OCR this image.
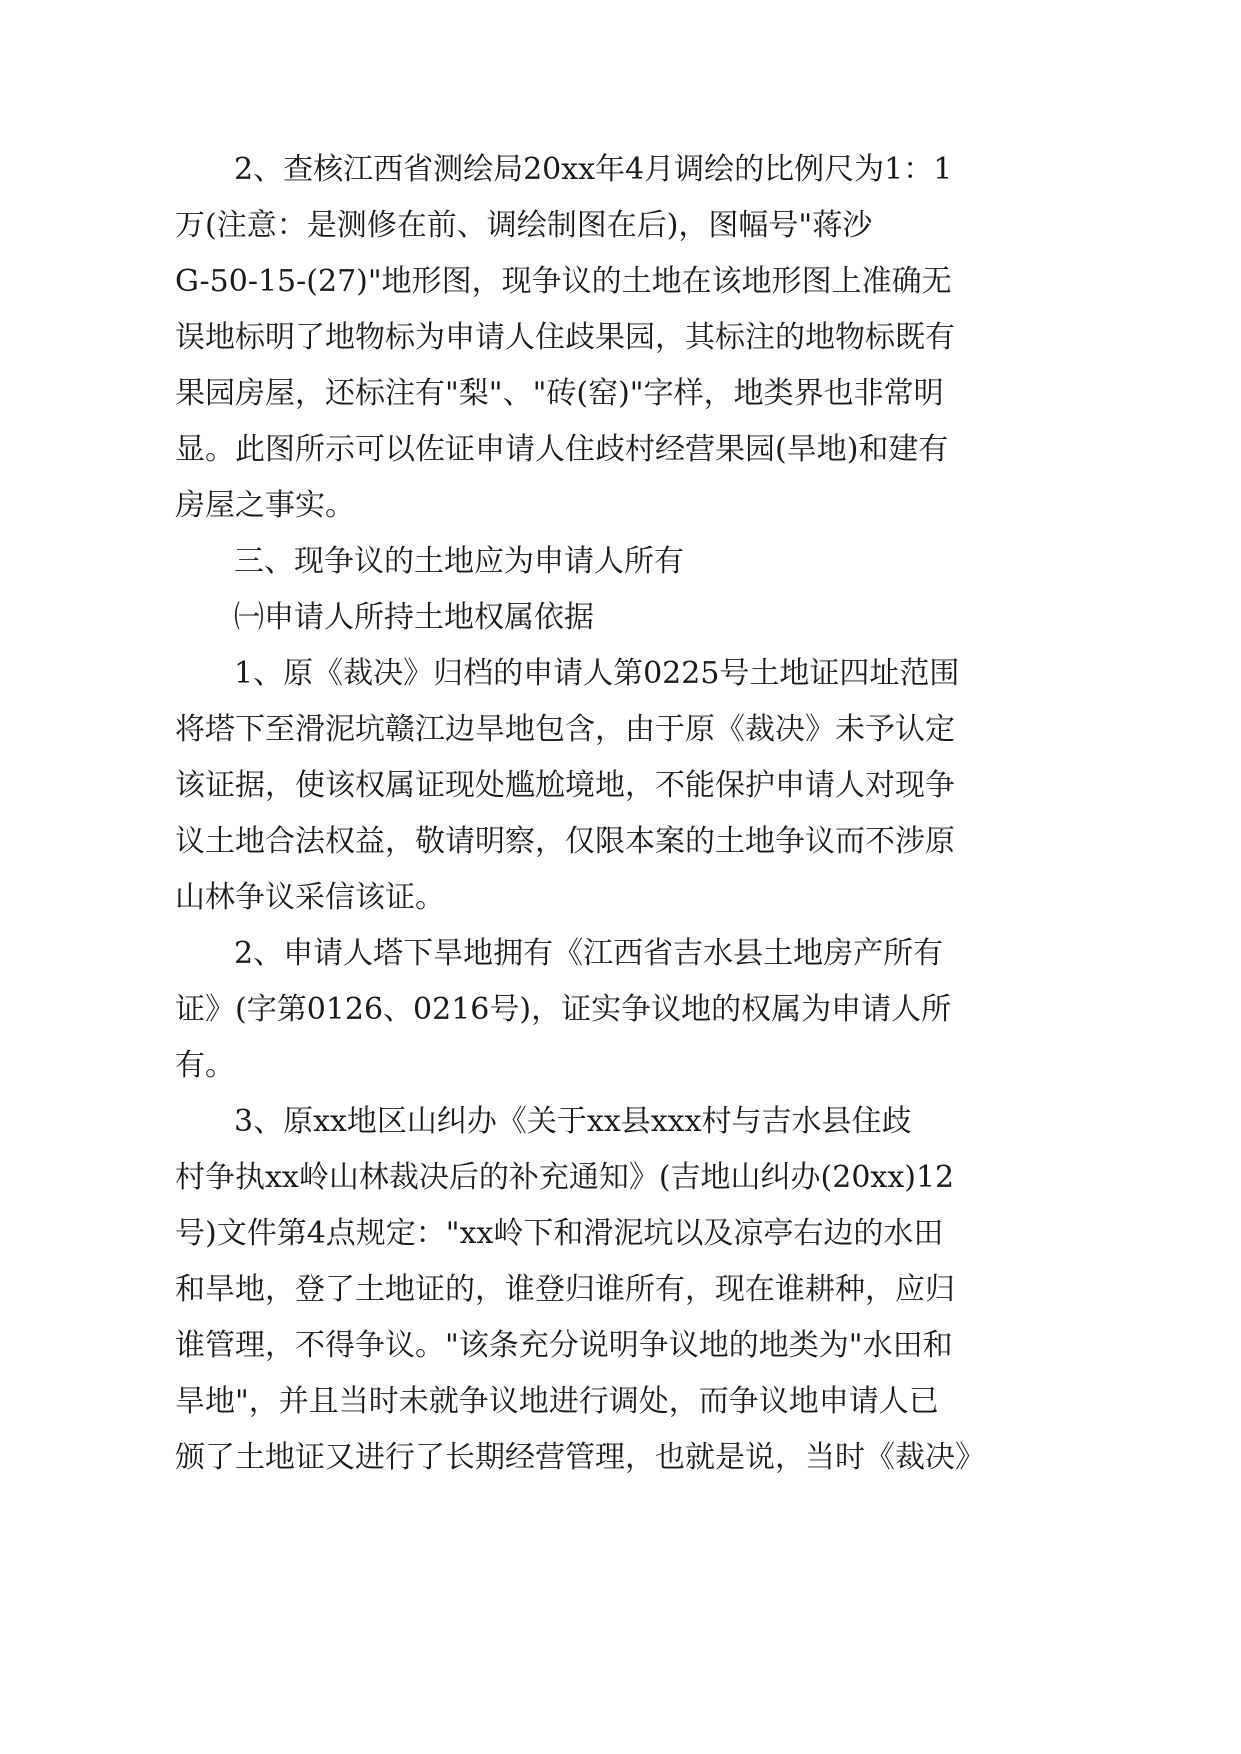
2、查核江西省测绘局20xx年4月调绘的比例尺为1：1
万(注意：是测修在前、调绘制图在后)，图幅号"蒋沙
G-50-15-(27)"地形图，现争议的土地在该地形图上准确无
误地标明了地物标为申请人住歧果园，其标注的地物标既有
果园房屋，还标注有"梨"、"砖(窑)"字样，地类界也非常明
显。此图所示可以佐证申请人住歧村经营果园(旱地)和建有
房屋之事实。
三、现争议的土地应为申请人所有
㈠申请人所持土地权属依据
1、原《裁决》归档的申请人第0225号土地证四址范围
将塔下至滑泥坑赣江边旱地包含，由于原《裁决》未予认定
该证据，使该权属证现处尴尬境地，不能保护申请人对现争
议土地合法权益，敬请明察，仅限本案的土地争议而不涉原
山林争议采信该证。
2、申请人塔下旱地拥有《江西省吉水县土地房产所有
证》(字第0126、0216号)，证实争议地的权属为申请人所
有。
3、原xx地区山纠办《关于xx县xxx村与吉水县住歧
村争执xx岭山林裁决后的补充通知》(吉地山纠办(20xx)12
号)文件第4点规定："xx岭下和滑泥坑以及凉亭右边的水田
和旱地，登了土地证的，谁登归谁所有，现在谁耕种，应归
谁管理，不得争议。"该条充分说明争议地的地类为"水田和
旱地"，并且当时未就争议地进行调处，而争议地申请人已
颁了土地证又进行了长期经营管理，也就是说，当时《裁决》
